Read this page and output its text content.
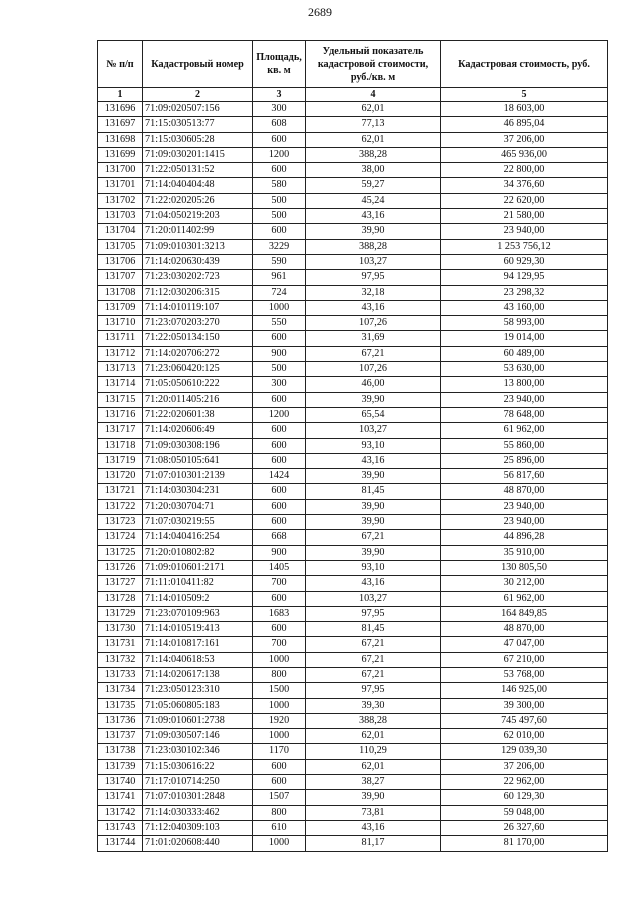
2689
№ п/п	Кадастровый номер	Площадь, кв. м	Удельный показатель кадастровой стоимости, руб./кв. м	Кадастровая стоимость, руб.
1	2	3	4	5
131696	71:09:020507:156	300	62,01	18 603,00
131697	71:15:030513:77	608	77,13	46 895,04
131698	71:15:030605:28	600	62,01	37 206,00
131699	71:09:030201:1415	1200	388,28	465 936,00
131700	71:22:050131:52	600	38,00	22 800,00
131701	71:14:040404:48	580	59,27	34 376,60
131702	71:22:020205:26	500	45,24	22 620,00
131703	71:04:050219:203	500	43,16	21 580,00
131704	71:20:011402:99	600	39,90	23 940,00
131705	71:09:010301:3213	3229	388,28	1 253 756,12
131706	71:14:020630:439	590	103,27	60 929,30
131707	71:23:030202:723	961	97,95	94 129,95
131708	71:12:030206:315	724	32,18	23 298,32
131709	71:14:010119:107	1000	43,16	43 160,00
131710	71:23:070203:270	550	107,26	58 993,00
131711	71:22:050134:150	600	31,69	19 014,00
131712	71:14:020706:272	900	67,21	60 489,00
131713	71:23:060420:125	500	107,26	53 630,00
131714	71:05:050610:222	300	46,00	13 800,00
131715	71:20:011405:216	600	39,90	23 940,00
131716	71:22:020601:38	1200	65,54	78 648,00
131717	71:14:020606:49	600	103,27	61 962,00
131718	71:09:030308:196	600	93,10	55 860,00
131719	71:08:050105:641	600	43,16	25 896,00
131720	71:07:010301:2139	1424	39,90	56 817,60
131721	71:14:030304:231	600	81,45	48 870,00
131722	71:20:030704:71	600	39,90	23 940,00
131723	71:07:030219:55	600	39,90	23 940,00
131724	71:14:040416:254	668	67,21	44 896,28
131725	71:20:010802:82	900	39,90	35 910,00
131726	71:09:010601:2171	1405	93,10	130 805,50
131727	71:11:010411:82	700	43,16	30 212,00
131728	71:14:010509:2	600	103,27	61 962,00
131729	71:23:070109:963	1683	97,95	164 849,85
131730	71:14:010519:413	600	81,45	48 870,00
131731	71:14:010817:161	700	67,21	47 047,00
131732	71:14:040618:53	1000	67,21	67 210,00
131733	71:14:020617:138	800	67,21	53 768,00
131734	71:23:050123:310	1500	97,95	146 925,00
131735	71:05:060805:183	1000	39,30	39 300,00
131736	71:09:010601:2738	1920	388,28	745 497,60
131737	71:09:030507:146	1000	62,01	62 010,00
131738	71:23:030102:346	1170	110,29	129 039,30
131739	71:15:030616:22	600	62,01	37 206,00
131740	71:17:010714:250	600	38,27	22 962,00
131741	71:07:010301:2848	1507	39,90	60 129,30
131742	71:14:030333:462	800	73,81	59 048,00
131743	71:12:040309:103	610	43,16	26 327,60
131744	71:01:020608:440	1000	81,17	81 170,00
